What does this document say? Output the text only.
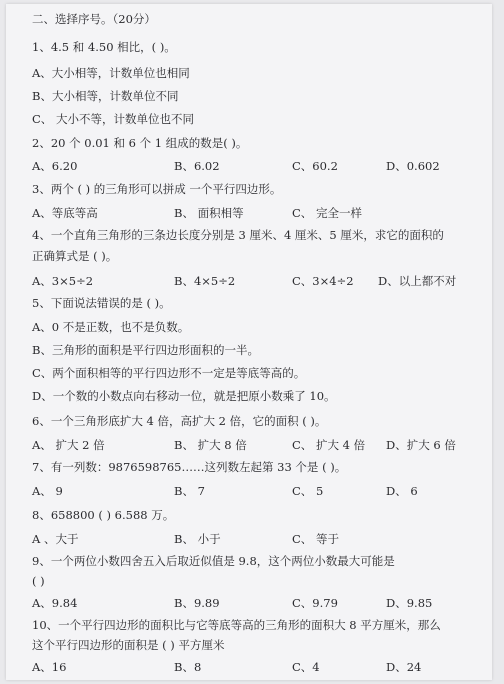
二、选择序号。（20分）
1、4.5 和 4.50 相比，( )。
A、大小相等，计数单位也相同
B、大小相等，计数单位不同
C、 大小不等，计数单位也不同
2、20 个 0.01 和 6 个 1 组成的数是( )。
A、6.20	B、6.02	C、60.2	D、0.602
3、两个 ( ) 的三角形可以拼成 一个平行四边形。
A、等底等高	B、 面积相等	C、 完全一样
4、一个直角三角形的三条边长度分别是 3 厘米、4 厘米、5 厘米，求它的面积的
正确算式是 ( )。
A、3×5÷2	B、4×5÷2	C、3×4÷2 D、以上都不对
5、下面说法错误的是 ( )。
A、0 不是正数，也不是负数。
B、三角形的面积是平行四边形面积的一半。
C、两个面积相等的平行四边形不一定是等底等高的。
D、一个数的小数点向右移动一位，就是把原小数乘了 10。
6、一个三角形底扩大 4 倍，高扩大 2 倍，它的面积 ( )。
A、 扩大 2 倍	B、 扩大 8 倍	C、 扩大 4 倍 D、扩大 6 倍
7、有一列数：9876598765……这列数左起第 33 个是 ( )。
A、 9	B、 7	C、 5	D、 6
8、658800 ( ) 6.588 万。
A 、大于	B、 小于	C、 等于
9、一个两位小数四舍五入后取近似值是 9.8，这个两位小数最大可能是
( )
A、9.84	B、9.89	C、9.79	D、9.85
10、一个平行四边形的面积比与它等底等高的三角形的面积大 8 平方厘米，那么
这个平行四边形的面积是 ( ) 平方厘米
A、16	B、8	C、4	D、24
